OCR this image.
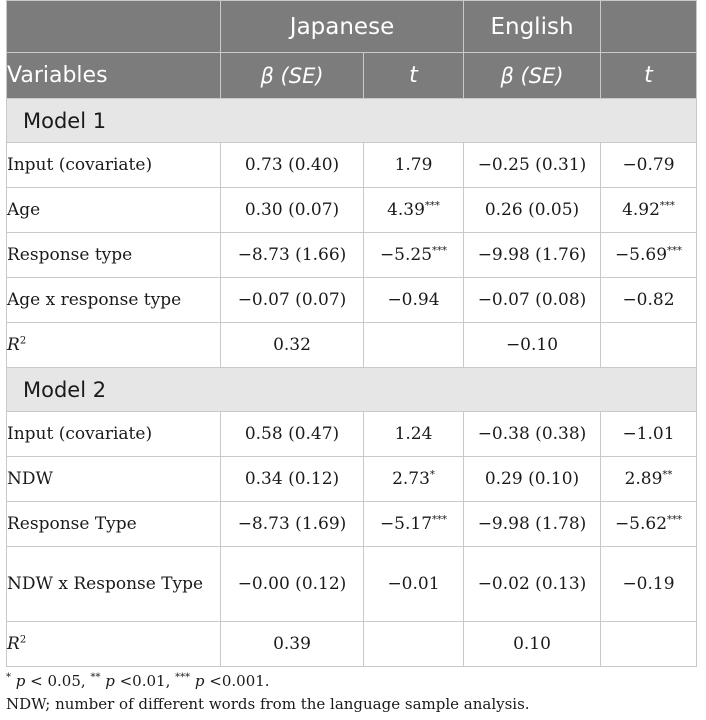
	Japanese		English	
Variables	β (SE)	t	β (SE)	t
Model 1				
Input (covariate)	0.73 (0.40)	1.79	−0.25 (0.31)	−0.79
Age	0.30 (0.07)	4.39***	0.26 (0.05)	4.92***
Response type	−8.73 (1.66)	−5.25***	−9.98 (1.76)	−5.69***
Age x response type	−0.07 (0.07)	−0.94	−0.07 (0.08)	−0.82
$R^2$	0.32		−0.10	
Model 2				
Input (covariate)	0.58 (0.47)	1.24	−0.38 (0.38)	−1.01
NDW	0.34 (0.12)	2.73*	0.29 (0.10)	2.89**
Response Type	−8.73 (1.69)	−5.17***	−9.98 (1.78)	−5.62***
NDW x Response Type	−0.00 (0.12)	−0.01	−0.02 (0.13)	−0.19
$R^2$	0.39		0.10	
* p < 0.05, ** p <0.01, *** p <0.001.
NDW; number of different words from the language sample analysis.
